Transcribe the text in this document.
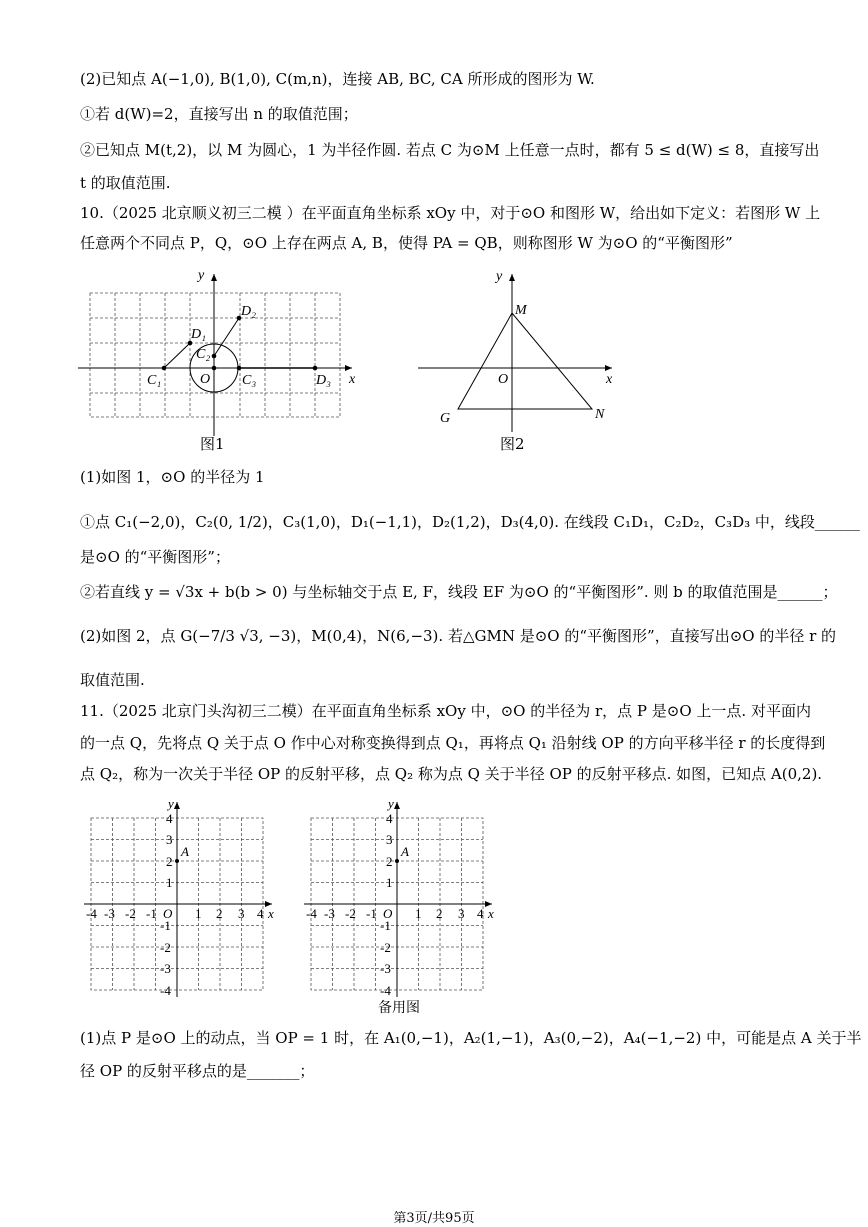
(2)已知点 A(−1,0), B(1,0), C(m,n)，连接 AB, BC, CA 所形成的图形为 W.
①若 d(W)=2，直接写出 n 的取值范围；
②已知点 M(t,2)，以 M 为圆心，1 为半径作圆. 若点 C 为⊙M 上任意一点时，都有 5 ≤ d(W) ≤ 8，直接写出
t 的取值范围.
10.（2025 北京顺义初三二模 ）在平面直角坐标系 xOy 中，对于⊙O 和图形 W，给出如下定义：若图形 W 上
任意两个不同点 P，Q，⊙O 上存在两点 A, B，使得 PA = QB，则称图形 W 为⊙O 的“平衡图形”
y
x
O
C₁
C₂
C₃
D₁
D₂
D₃
图1
y
x
O
M
G	N
图2
(1)如图 1，⊙O 的半径为 1
①点 C₁(−2,0)，C₂(0, 1/2)，C₃(1,0)，D₁(−1,1)，D₂(1,2)，D₃(4,0). 在线段 C₁D₁，C₂D₂，C₃D₃ 中，线段______
是⊙O 的“平衡图形”；
②若直线 y = √3x + b(b > 0) 与坐标轴交于点 E, F，线段 EF 为⊙O 的“平衡图形”. 则 b 的取值范围是______；
(2)如图 2，点 G(−7/3 √3, −3)，M(0,4)，N(6,−3). 若△GMN 是⊙O 的“平衡图形”，直接写出⊙O 的半径 r 的
取值范围.
11.（2025 北京门头沟初三二模）在平面直角坐标系 xOy 中，⊙O 的半径为 r，点 P 是⊙O 上一点. 对平面内
的一点 Q，先将点 Q 关于点 O 作中心对称变换得到点 Q₁，再将点 Q₁ 沿射线 OP 的方向平移半径 r 的长度得到
点 Q₂，称为一次关于半径 OP 的反射平移，点 Q₂ 称为点 Q 关于半径 OP 的反射平移点. 如图，已知点 A(0,2).
y
x
O
A
-4 -3 -2 -1	1 2 3 4
4
3
2
1
-1
-2
-3
-4
y
x
O
A
-4 -3 -2 -1	1 2 3 4
4
3
2
1
-1
-2
-3
-4
备用图
(1)点 P 是⊙O 上的动点，当 OP = 1 时，在 A₁(0,−1)，A₂(1,−1)，A₃(0,−2)，A₄(−1,−2) 中，可能是点 A 关于半
径 OP 的反射平移点的是_______；
第3页/共95页
